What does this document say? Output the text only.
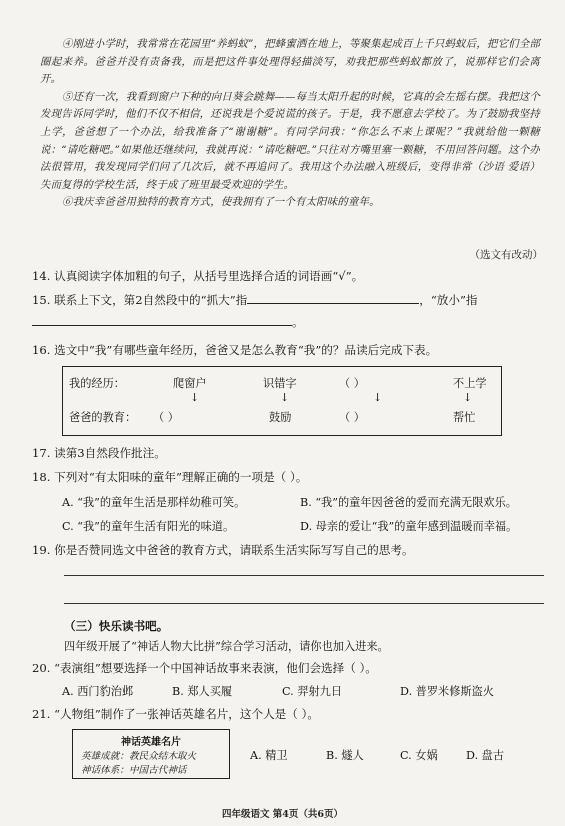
④刚进小学时，我常常在花园里“养蚂蚁”，把蜂蜜洒在地上，等聚集起成百上千只蚂蚁后，把它们全部圈起来养。爸爸并没有责备我，而是把这件事处理得轻描淡写，劝我把那些蚂蚁都放了，说那样它们会离开。

⑤还有一次，我看到窗户下种的向日葵会跳舞——每当太阳升起的时候，它真的会左摇右摆。我把这个发现告诉同学时，他们不仅不相信，还说我是个爱说谎的孩子。于是，我不愿意去学校了。为了鼓励我坚持上学，爸爸想了一个办法，给我准备了“谢谢糖”。有同学问我：“你怎么不来上课呢？”我就给他一颗糖说：“请吃糖吧。”如果他还继续问，我就再说：“请吃糖吧。”只往对方嘴里塞一颗糖，不用回答问题。这个办法很管用，我发现同学们问了几次后，就不再追问了。我用这个办法融入班级后，变得非常（沙语 爱语）失而复得的学校生活，终于成了班里最受欢迎的学生。

⑥我庆幸爸爸用独特的教育方式，使我拥有了一个有太阳味的童年。

（选文有改动）
14. 认真阅读字体加粗的句子，从括号里选择合适的词语画“√”。
15. 联系上下文，第2自然段中的“抓大”指	，“放小”指
。
16. 选文中“我”有哪些童年经历，爸爸又是怎么教育“我”的？品读后完成下表。
我的经历：	爬窗户	识错字	（ ）	不上学
↓	↓	↓	↓
爸爸的教育： （ ）	鼓励	（ ）	帮忙
17. 读第3自然段作批注。
18. 下列对“有太阳味的童年”理解正确的一项是（ ）。
A. “我”的童年生活是那样幼稚可笑。	B. “我”的童年因爸爸的爱而充满无限欢乐。
C. “我”的童年生活有阳光的味道。	D. 母亲的爱让“我”的童年感到温暖而幸福。
19. 你是否赞同选文中爸爸的教育方式，请联系生活实际写写自己的思考。
（三）快乐读书吧。
四年级开展了“神话人物大比拼”综合学习活动，请你也加入进来。
20. “表演组”想要选择一个中国神话故事来表演，他们会选择（ ）。
A. 西门豹治邺	B. 郑人买履	C. 羿射九日	D. 普罗米修斯盗火
21. “人物组”制作了一张神话英雄名片，这个人是（ ）。
神话英雄名片
英雄成就：教民众结木取火
神话体系：中国古代神话
A. 精卫	B. 燧人	C. 女娲	D. 盘古
四年级语文 第4页（共6页）
